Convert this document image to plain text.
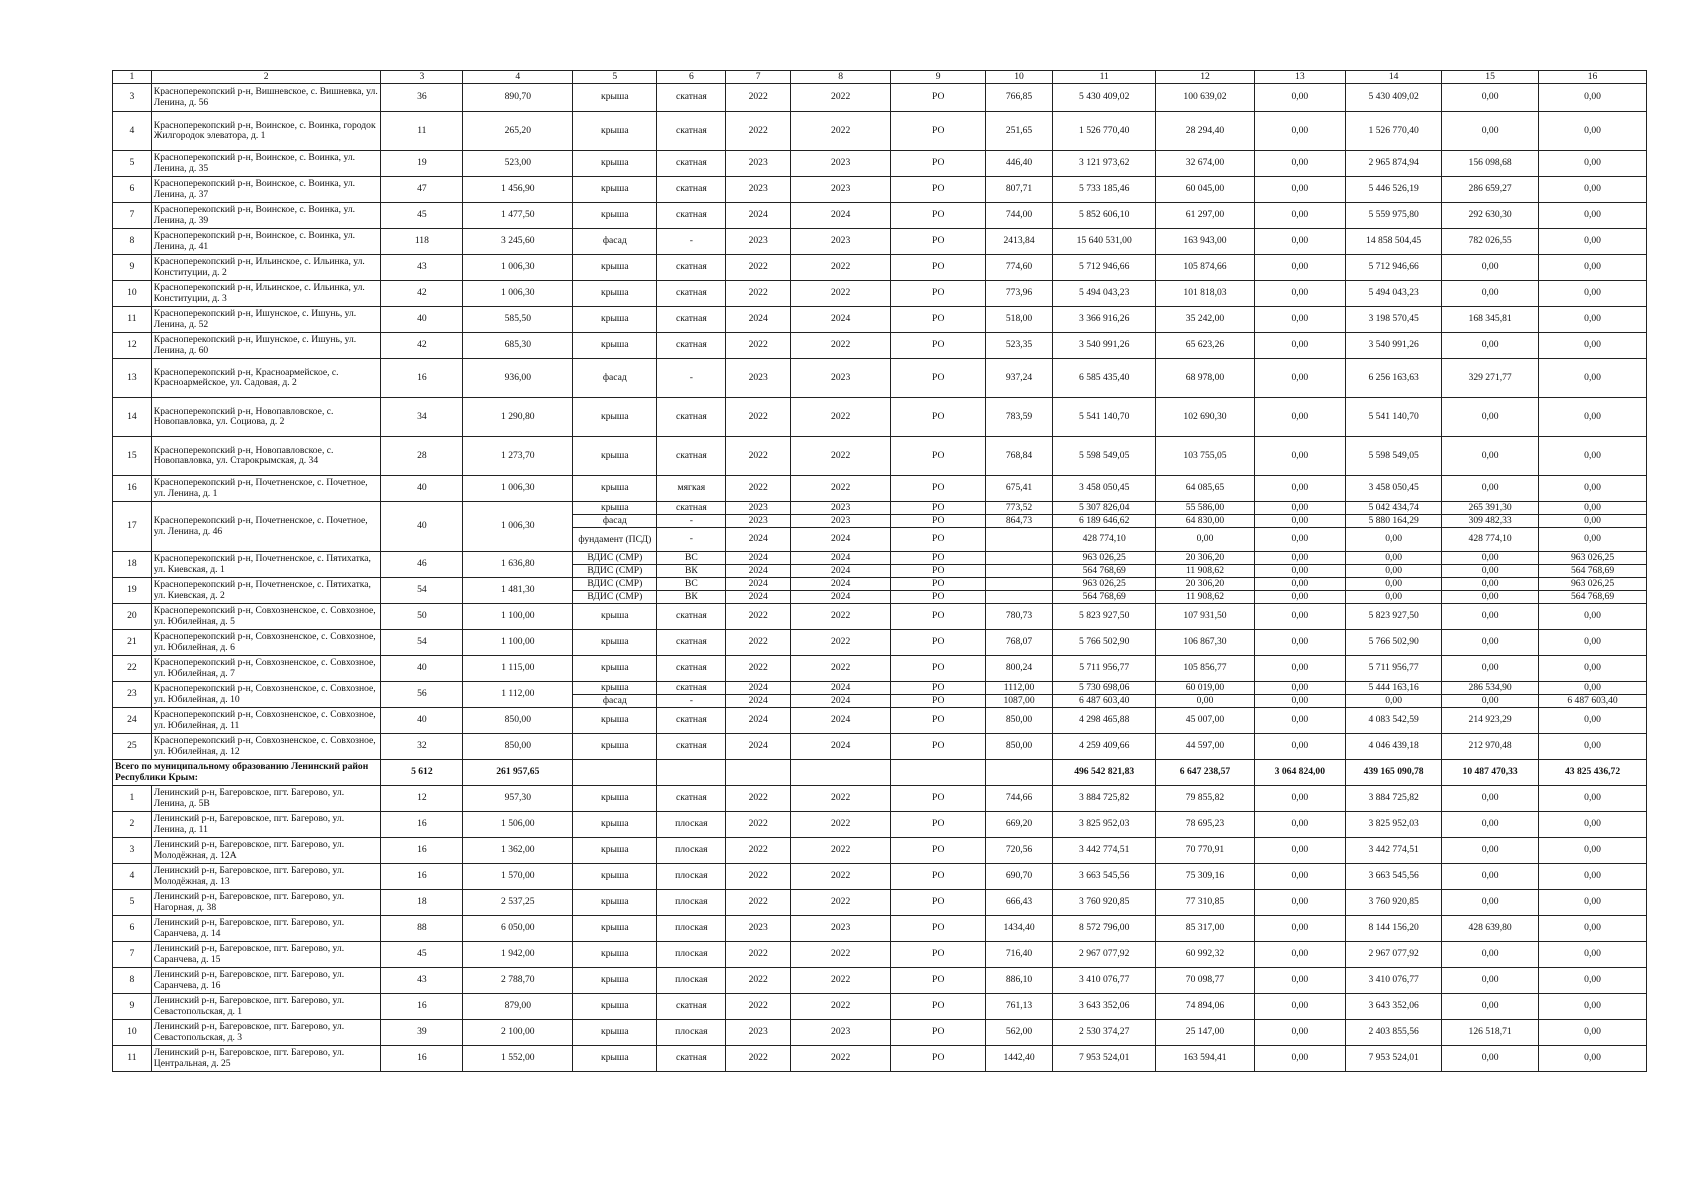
1	2	3	4	5	6	7	8	9	10	11	12	13	14	15	16
3	Красноперекопский р-н, Вишневское, с. Вишневка, ул. Ленина, д. 56	36	890,70	крыша	скатная	2022	2022	РО	766,85	5 430 409,02	100 639,02	0,00	5 430 409,02	0,00	0,00
4	Красноперекопский р-н, Воинское, с. Воинка, городок Жилгородок элеватора, д. 1	11	265,20	крыша	скатная	2022	2022	РО	251,65	1 526 770,40	28 294,40	0,00	1 526 770,40	0,00	0,00
5	Красноперекопский р-н, Воинское, с. Воинка, ул. Ленина, д. 35	19	523,00	крыша	скатная	2023	2023	РО	446,40	3 121 973,62	32 674,00	0,00	2 965 874,94	156 098,68	0,00
6	Красноперекопский р-н, Воинское, с. Воинка, ул. Ленина, д. 37	47	1 456,90	крыша	скатная	2023	2023	РО	807,71	5 733 185,46	60 045,00	0,00	5 446 526,19	286 659,27	0,00
7	Красноперекопский р-н, Воинское, с. Воинка, ул. Ленина, д. 39	45	1 477,50	крыша	скатная	2024	2024	РО	744,00	5 852 606,10	61 297,00	0,00	5 559 975,80	292 630,30	0,00
8	Красноперекопский р-н, Воинское, с. Воинка, ул. Ленина, д. 41	118	3 245,60	фасад	-	2023	2023	РО	2413,84	15 640 531,00	163 943,00	0,00	14 858 504,45	782 026,55	0,00
9	Красноперекопский р-н, Ильинское, с. Ильинка, ул. Конституции, д. 2	43	1 006,30	крыша	скатная	2022	2022	РО	774,60	5 712 946,66	105 874,66	0,00	5 712 946,66	0,00	0,00
10	Красноперекопский р-н, Ильинское, с. Ильинка, ул. Конституции, д. 3	42	1 006,30	крыша	скатная	2022	2022	РО	773,96	5 494 043,23	101 818,03	0,00	5 494 043,23	0,00	0,00
11	Красноперекопский р-н, Ишунское, с. Ишунь, ул. Ленина, д. 52	40	585,50	крыша	скатная	2024	2024	РО	518,00	3 366 916,26	35 242,00	0,00	3 198 570,45	168 345,81	0,00
12	Красноперекопский р-н, Ишунское, с. Ишунь, ул. Ленина, д. 60	42	685,30	крыша	скатная	2022	2022	РО	523,35	3 540 991,26	65 623,26	0,00	3 540 991,26	0,00	0,00
13	Красноперекопский р-н, Красноармейское, с. Красноармейское, ул. Садовая, д. 2	16	936,00	фасад	-	2023	2023	РО	937,24	6 585 435,40	68 978,00	0,00	6 256 163,63	329 271,77	0,00
14	Красноперекопский р-н, Новопавловское, с. Новопавловка, ул. Социова, д. 2	34	1 290,80	крыша	скатная	2022	2022	РО	783,59	5 541 140,70	102 690,30	0,00	5 541 140,70	0,00	0,00
15	Красноперекопский р-н, Новопавловское, с. Новопавловка, ул. Старокрымская, д. 34	28	1 273,70	крыша	скатная	2022	2022	РО	768,84	5 598 549,05	103 755,05	0,00	5 598 549,05	0,00	0,00
16	Красноперекопский р-н, Почетненское, с. Почетное, ул. Ленина, д. 1	40	1 006,30	крыша	мягкая	2022	2022	РО	675,41	3 458 050,45	64 085,65	0,00	3 458 050,45	0,00	0,00
17	Красноперекопский р-н, Почетненское, с. Почетное, ул. Ленина, д. 46	40	1 006,30	крыша	скатная	2023	2023	РО	773,52	5 307 826,04	55 586,00	0,00	5 042 434,74	265 391,30	0,00
				фасад	-	2023	2023	РО	864,73	6 189 646,62	64 830,00	0,00	5 880 164,29	309 482,33	0,00
				фундамент (ПСД)	-	2024	2024	РО		428 774,10	0,00	0,00	0,00	428 774,10	0,00
18	Красноперекопский р-н, Почетненское, с. Пятихатка, ул. Киевская, д. 1	46	1 636,80	ВДИС (СМР)	ВС	2024	2024	РО		963 026,25	20 306,20	0,00	0,00	0,00	963 026,25
				ВДИС (СМР)	ВК	2024	2024	РО		564 768,69	11 908,62	0,00	0,00	0,00	564 768,69
19	Красноперекопский р-н, Почетненское, с. Пятихатка, ул. Киевская, д. 2	54	1 481,30	ВДИС (СМР)	ВС	2024	2024	РО		963 026,25	20 306,20	0,00	0,00	0,00	963 026,25
				ВДИС (СМР)	ВК	2024	2024	РО		564 768,69	11 908,62	0,00	0,00	0,00	564 768,69
20	Красноперекопский р-н, Совхозненское, с. Совхозное, ул. Юбилейная, д. 5	50	1 100,00	крыша	скатная	2022	2022	РО	780,73	5 823 927,50	107 931,50	0,00	5 823 927,50	0,00	0,00
21	Красноперекопский р-н, Совхозненское, с. Совхозное, ул. Юбилейная, д. 6	54	1 100,00	крыша	скатная	2022	2022	РО	768,07	5 766 502,90	106 867,30	0,00	5 766 502,90	0,00	0,00
22	Красноперекопский р-н, Совхозненское, с. Совхозное, ул. Юбилейная, д. 7	40	1 115,00	крыша	скатная	2022	2022	РО	800,24	5 711 956,77	105 856,77	0,00	5 711 956,77	0,00	0,00
23	Красноперекопский р-н, Совхозненское, с. Совхозное, ул. Юбилейная, д. 10	56	1 112,00	крыша	скатная	2024	2024	РО	1112,00	5 730 698,06	60 019,00	0,00	5 444 163,16	286 534,90	0,00
				фасад	-	2024	2024	РО	1087,00	6 487 603,40	0,00	0,00	0,00	0,00	6 487 603,40
24	Красноперекопский р-н, Совхозненское, с. Совхозное, ул. Юбилейная, д. 11	40	850,00	крыша	скатная	2024	2024	РО	850,00	4 298 465,88	45 007,00	0,00	4 083 542,59	214 923,29	0,00
25	Красноперекопский р-н, Совхозненское, с. Совхозное, ул. Юбилейная, д. 12	32	850,00	крыша	скатная	2024	2024	РО	850,00	4 259 409,66	44 597,00	0,00	4 046 439,18	212 970,48	0,00
Всего по муниципальному образованию Ленинский район Республики Крым:		5 612	261 957,65							496 542 821,83	6 647 238,57	3 064 824,00	439 165 090,78	10 487 470,33	43 825 436,72
1	Ленинский р-н, Багеровское, пгт. Багерово, ул. Ленина, д. 5В	12	957,30	крыша	скатная	2022	2022	РО	744,66	3 884 725,82	79 855,82	0,00	3 884 725,82	0,00	0,00
2	Ленинский р-н, Багеровское, пгт. Багерово, ул. Ленина, д. 11	16	1 506,00	крыша	плоская	2022	2022	РО	669,20	3 825 952,03	78 695,23	0,00	3 825 952,03	0,00	0,00
3	Ленинский р-н, Багеровское, пгт. Багерово, ул. Молодёжная, д. 12А	16	1 362,00	крыша	плоская	2022	2022	РО	720,56	3 442 774,51	70 770,91	0,00	3 442 774,51	0,00	0,00
4	Ленинский р-н, Багеровское, пгт. Багерово, ул. Молодёжная, д. 13	16	1 570,00	крыша	плоская	2022	2022	РО	690,70	3 663 545,56	75 309,16	0,00	3 663 545,56	0,00	0,00
5	Ленинский р-н, Багеровское, пгт. Багерово, ул. Нагорная, д. 38	18	2 537,25	крыша	плоская	2022	2022	РО	666,43	3 760 920,85	77 310,85	0,00	3 760 920,85	0,00	0,00
6	Ленинский р-н, Багеровское, пгт. Багерово, ул. Саранчева, д. 14	88	6 050,00	крыша	плоская	2023	2023	РО	1434,40	8 572 796,00	85 317,00	0,00	8 144 156,20	428 639,80	0,00
7	Ленинский р-н, Багеровское, пгт. Багерово, ул. Саранчева, д. 15	45	1 942,00	крыша	плоская	2022	2022	РО	716,40	2 967 077,92	60 992,32	0,00	2 967 077,92	0,00	0,00
8	Ленинский р-н, Багеровское, пгт. Багерово, ул. Саранчева, д. 16	43	2 788,70	крыша	плоская	2022	2022	РО	886,10	3 410 076,77	70 098,77	0,00	3 410 076,77	0,00	0,00
9	Ленинский р-н, Багеровское, пгт. Багерово, ул. Севастопольская, д. 1	16	879,00	крыша	скатная	2022	2022	РО	761,13	3 643 352,06	74 894,06	0,00	3 643 352,06	0,00	0,00
10	Ленинский р-н, Багеровское, пгт. Багерово, ул. Севастопольская, д. 3	39	2 100,00	крыша	плоская	2023	2023	РО	562,00	2 530 374,27	25 147,00	0,00	2 403 855,56	126 518,71	0,00
11	Ленинский р-н, Багеровское, пгт. Багерово, ул. Центральная, д. 25	16	1 552,00	крыша	скатная	2022	2022	РО	1442,40	7 953 524,01	163 594,41	0,00	7 953 524,01	0,00	0,00
